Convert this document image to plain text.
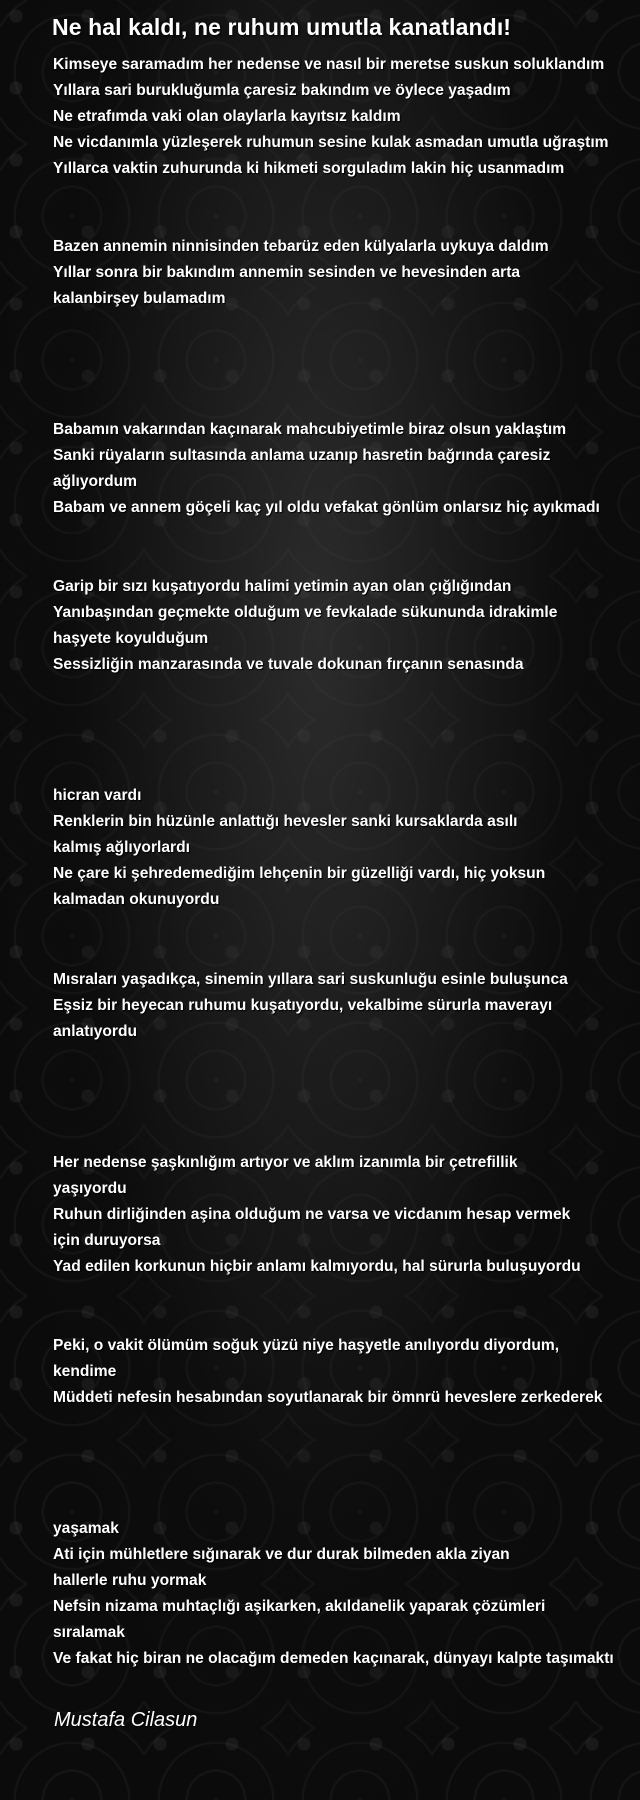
Ne hal kaldı, ne ruhum umutla kanatlandı!

Kimseye saramadım her nedense ve nasıl bir meretse suskun soluklandım
Yıllara sari burukluğumla çaresiz bakındım ve öylece yaşadım
Ne etrafımda vaki olan olaylarla kayıtsız kaldım
Ne vicdanımla yüzleşerek ruhumun sesine kulak asmadan umutla uğraştım
Yıllarca vaktin zuhurunda ki hikmeti sorguladım lakin hiç usanmadım

Bazen annemin ninnisinden tebarüz eden külyalarla uykuya daldım
Yıllar sonra bir bakındım annemin sesinden ve hevesinden arta
kalanbirşey bulamadım

Babamın vakarından kaçınarak mahcubiyetimle biraz olsun yaklaştım
Sanki rüyaların sultasında anlama uzanıp hasretin bağrında çaresiz
ağlıyordum
Babam ve annem göçeli kaç yıl oldu vefakat gönlüm onlarsız hiç ayıkmadı

Garip bir sızı kuşatıyordu halimi yetimin ayan olan çığlığından
Yanıbaşından geçmekte olduğum ve fevkalade sükununda idrakimle
haşyete koyulduğum
Sessizliğin manzarasında ve tuvale dokunan fırçanın senasında

hicran vardı
Renklerin bin hüzünle anlattığı hevesler sanki kursaklarda asılı
kalmış ağlıyorlardı
Ne çare ki şehredemediğim lehçenin bir güzelliği vardı, hiç yoksun
kalmadan okunuyordu

Mısraları yaşadıkça, sinemin yıllara sari suskunluğu esinle buluşunca
Eşsiz bir heyecan ruhumu kuşatıyordu, vekalbime sürurla maverayı
anlatıyordu

Her nedense şaşkınlığım artıyor ve aklım izanımla bir çetrefillik
yaşıyordu
Ruhun dirliğinden aşina olduğum ne varsa ve vicdanım hesap vermek
için duruyorsa
Yad edilen korkunun hiçbir anlamı kalmıyordu, hal sürurla buluşuyordu

Peki, o vakit ölümüm soğuk yüzü niye haşyetle anılıyordu diyordum,
kendime
Müddeti nefesin hesabından soyutlanarak bir ömnrü heveslere zerkederek

yaşamak
Ati için mühletlere sığınarak ve dur durak bilmeden akla ziyan
hallerle ruhu yormak
Nefsin nizama muhtaçlığı aşikarken, akıldanelik yaparak çözümleri
sıralamak
Ve fakat hiç biran ne olacağım demeden kaçınarak, dünyayı kalpte taşımaktı

Mustafa Cilasun
